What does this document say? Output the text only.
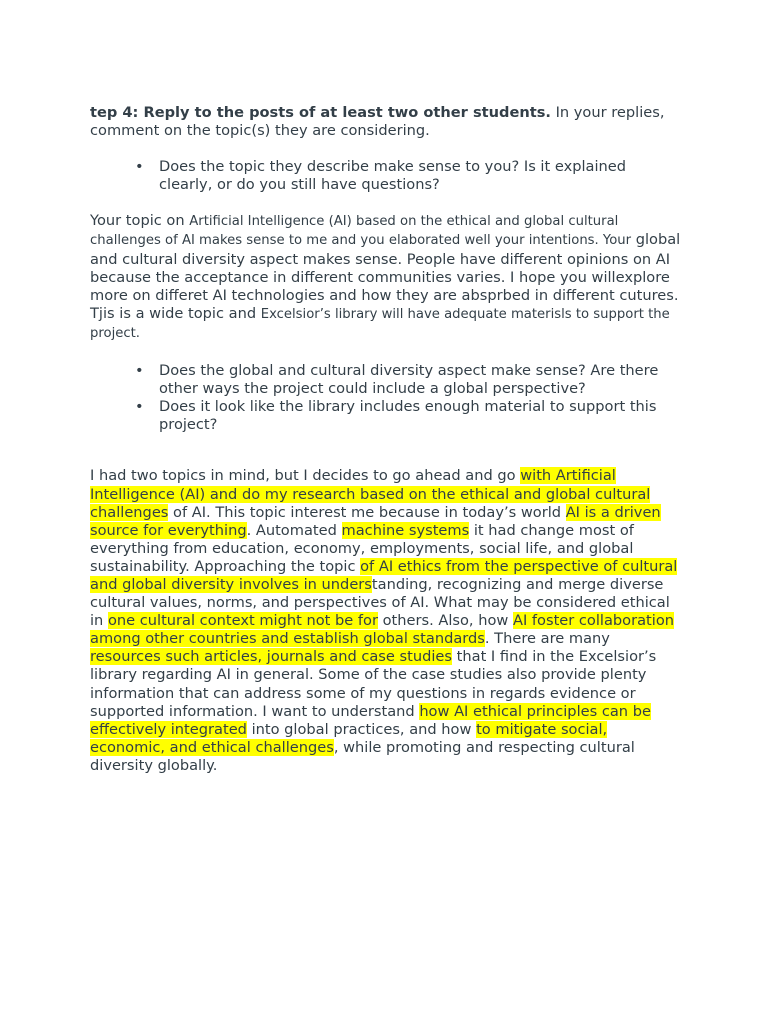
tep 4: Reply to the posts of at least two other students. In your replies, comment on the topic(s) they are considering.

• Does the topic they describe make sense to you? Is it explained clearly, or do you still have questions?

Your topic on Artificial Intelligence (AI) based on the ethical and global cultural challenges of AI makes sense to me and you elaborated well your intentions. Your global and cultural diversity aspect makes sense. People have different opinions on AI because the acceptance in different communities varies. I hope you willexplore more on differet AI technologies and how they are absprbed in different cutures. Tjis is a wide topic and Excelsior’s library will have adequate materisls to support the project.

• Does the global and cultural diversity aspect make sense? Are there other ways the project could include a global perspective?
• Does it look like the library includes enough material to support this project?

I had two topics in mind, but I decides to go ahead and go with Artificial Intelligence (AI) and do my research based on the ethical and global cultural challenges of AI. This topic interest me because in today’s world AI is a driven source for everything. Automated machine systems it had change most of everything from education, economy, employments, social life, and global sustainability. Approaching the topic of AI ethics from the perspective of cultural and global diversity involves in understanding, recognizing and merge diverse cultural values, norms, and perspectives of AI. What may be considered ethical in one cultural context might not be for others. Also, how AI foster collaboration among other countries and establish global standards. There are many resources such articles, journals and case studies that I find in the Excelsior’s library regarding AI in general. Some of the case studies also provide plenty information that can address some of my questions in regards evidence or supported information. I want to understand how AI ethical principles can be effectively integrated into global practices, and how to mitigate social, economic, and ethical challenges, while promoting and respecting cultural diversity globally.
